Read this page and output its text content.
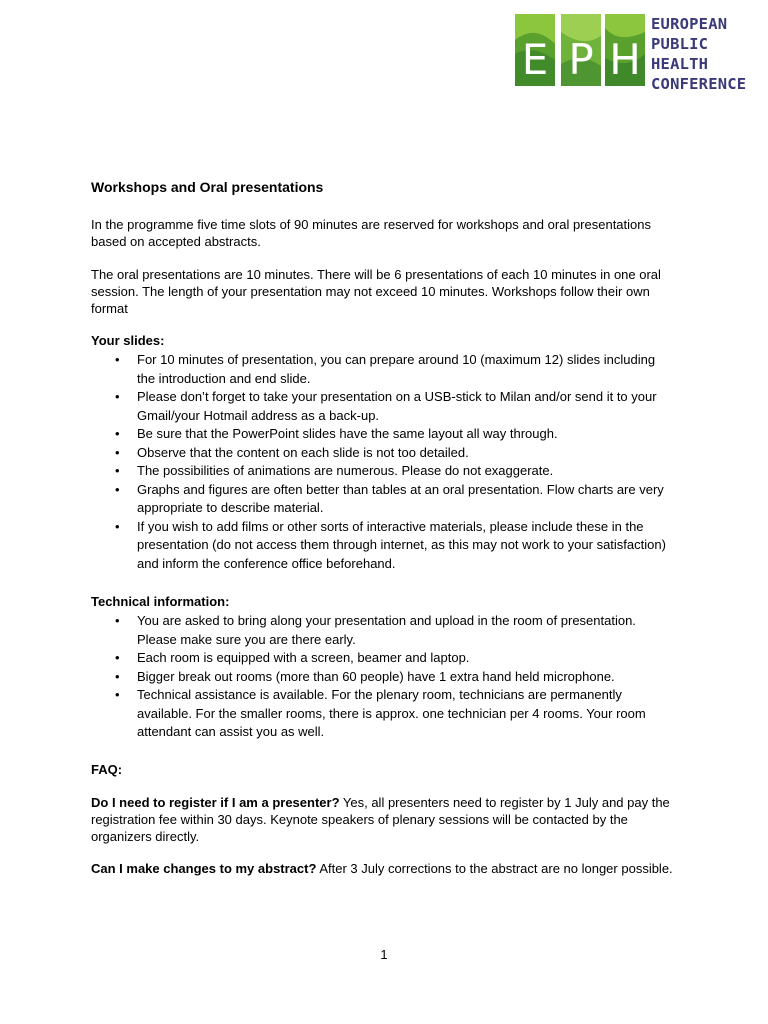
E P H
EUROPEAN
PUBLIC
HEALTH
CONFERENCE
Workshops and Oral presentations
In the programme five time slots of 90 minutes are reserved for workshops and oral presentations
based on accepted abstracts.
The oral presentations are 10 minutes. There will be 6 presentations of each 10 minutes in one oral
session. The length of your presentation may not exceed 10 minutes. Workshops follow their own
format
Your slides:
• For 10 minutes of presentation, you can prepare around 10 (maximum 12) slides including
the introduction and end slide.
• Please don’t forget to take your presentation on a USB-stick to Milan and/or send it to your
Gmail/your Hotmail address as a back-up.
• Be sure that the PowerPoint slides have the same layout all way through.
• Observe that the content on each slide is not too detailed.
• The possibilities of animations are numerous. Please do not exaggerate.
• Graphs and figures are often better than tables at an oral presentation. Flow charts are very
appropriate to describe material.
• If you wish to add films or other sorts of interactive materials, please include these in the
presentation (do not access them through internet, as this may not work to your satisfaction)
and inform the conference office beforehand.
Technical information:
• You are asked to bring along your presentation and upload in the room of presentation.
Please make sure you are there early.
• Each room is equipped with a screen, beamer and laptop.
• Bigger break out rooms (more than 60 people) have 1 extra hand held microphone.
• Technical assistance is available. For the plenary room, technicians are permanently
available. For the smaller rooms, there is approx. one technician per 4 rooms. Your room
attendant can assist you as well.
FAQ:
Do I need to register if I am a presenter? Yes, all presenters need to register by 1 July and pay the
registration fee within 30 days. Keynote speakers of plenary sessions will be contacted by the
organizers directly.
Can I make changes to my abstract? After 3 July corrections to the abstract are no longer possible.
1
